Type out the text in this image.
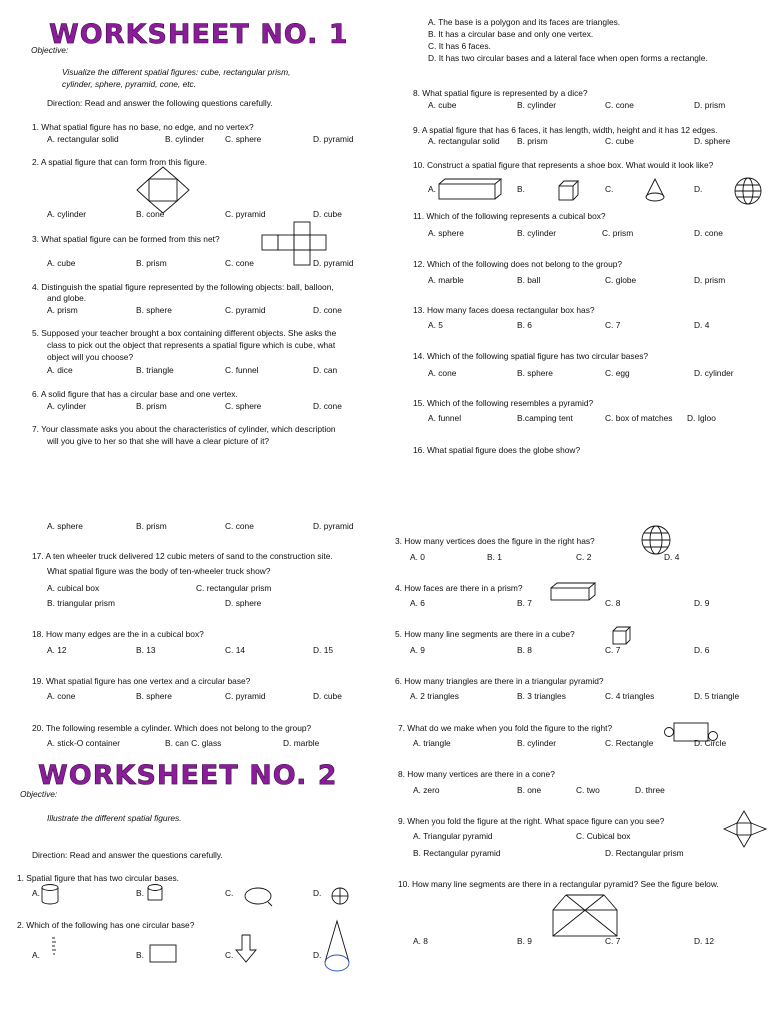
WORKSHEET NO. 1
Objective:
Visualize the different spatial figures: cube, rectangular prism,
cylinder, sphere, pyramid, cone, etc.
Direction: Read and answer the following questions carefully.
1. What spatial figure has no base, no edge, and no vertex?
A. rectangular solid	B. cylinder C. sphere	D. pyramid
2. A spatial figure that can form from this figure.
A. cylinder	B. cone	C. pyramid	D. cube
3. What spatial figure can be formed from this net?
A. cube	B. prism	C. cone	D. pyramid
4. Distinguish the spatial figure represented by the following objects: ball, balloon,
and globe.
A. prism	B. sphere	C. pyramid	D. cone
5. Supposed your teacher brought a box containing different objects. She asks the
class to pick out the object that represents a spatial figure which is cube, what
object will you choose?
A. dice	B. triangle	C. funnel	D. can
6. A solid figure that has a circular base and one vertex.
A. cylinder	B. prism	C. sphere	D. cone
7. Your classmate asks you about the characteristics of cylinder, which description
will you give to her so that she will have a clear picture of it?
A. The base is a polygon and its faces are triangles.
B. It has a circular base and only one vertex.
C. It has 6 faces.
D. It has two circular bases and a lateral face when open forms a rectangle.
8. What spatial figure is represented by a dice?
A. cube	B. cylinder	C. cone	D. prism
9. A spatial figure that has 6 faces, it has length, width, height and it has 12 edges.
A. rectangular solid B. prism	C. cube	D. sphere
10. Construct a spatial figure that represents a shoe box. What would it look like?
A.	B.	C.	D.
11. Which of the following represents a cubical box?
A. sphere	B. cylinder	C. prism	D. cone
12. Which of the following does not belong to the group?
A. marble	B. ball	C. globe	D. prism
13. How many faces doesa rectangular box has?
A. 5	B. 6	C. 7	D. 4
14. Which of the following spatial figure has two circular bases?
A. cone	B. sphere	C. egg	D. cylinder
15. Which of the following resembles a pyramid?
A. funnel	B.camping tent	C. box of matches D. Igloo
16. What spatial figure does the globe show?
A. sphere	B. prism	C. cone	D. pyramid
17. A ten wheeler truck delivered 12 cubic meters of sand to the construction site.
What spatial figure was the body of ten-wheeler truck show?
A. cubical box	C. rectangular prism
B. triangular prism	D. sphere
18. How many edges are the in a cubical box?
A. 12	B. 13	C. 14	D. 15
19. What spatial figure has one vertex and a circular base?
A. cone	B. sphere	C. pyramid	D. cube
20. The following resemble a cylinder. Which does not belong to the group?
A. stick-O container	B. can C. glass	D. marble
WORKSHEET NO. 2
Objective:
Illustrate the different spatial figures.
Direction: Read and answer the questions carefully.
1. Spatial figure that has two circular bases.
A.	B.	C.	D.
2. Which of the following has one circular base?
A.	B.	C.	D.
3. How many vertices does the figure in the right has?
A. 0	B. 1	C. 2	D. 4
4. How faces are there in a prism?
A. 6	B. 7	C. 8	D. 9
5. How many line segments are there in a cube?
A. 9	B. 8	C. 7	D. 6
6. How many triangles are there in a triangular pyramid?
A. 2 triangles	B. 3 triangles	C. 4 triangles	D. 5 triangle
7. What do we make when you fold the figure to the right?
A. triangle	B. cylinder	C. Rectangle	D. Circle
8. How many vertices are there in a cone?
A. zero	B. one	C. two	D. three
9. When you fold the figure at the right. What space figure can you see?
A. Triangular pyramid	C. Cubical box
B. Rectangular pyramid	D. Rectangular prism
10. How many line segments are there in a rectangular pyramid? See the figure below.
A. 8	B. 9	C. 7	D. 12
